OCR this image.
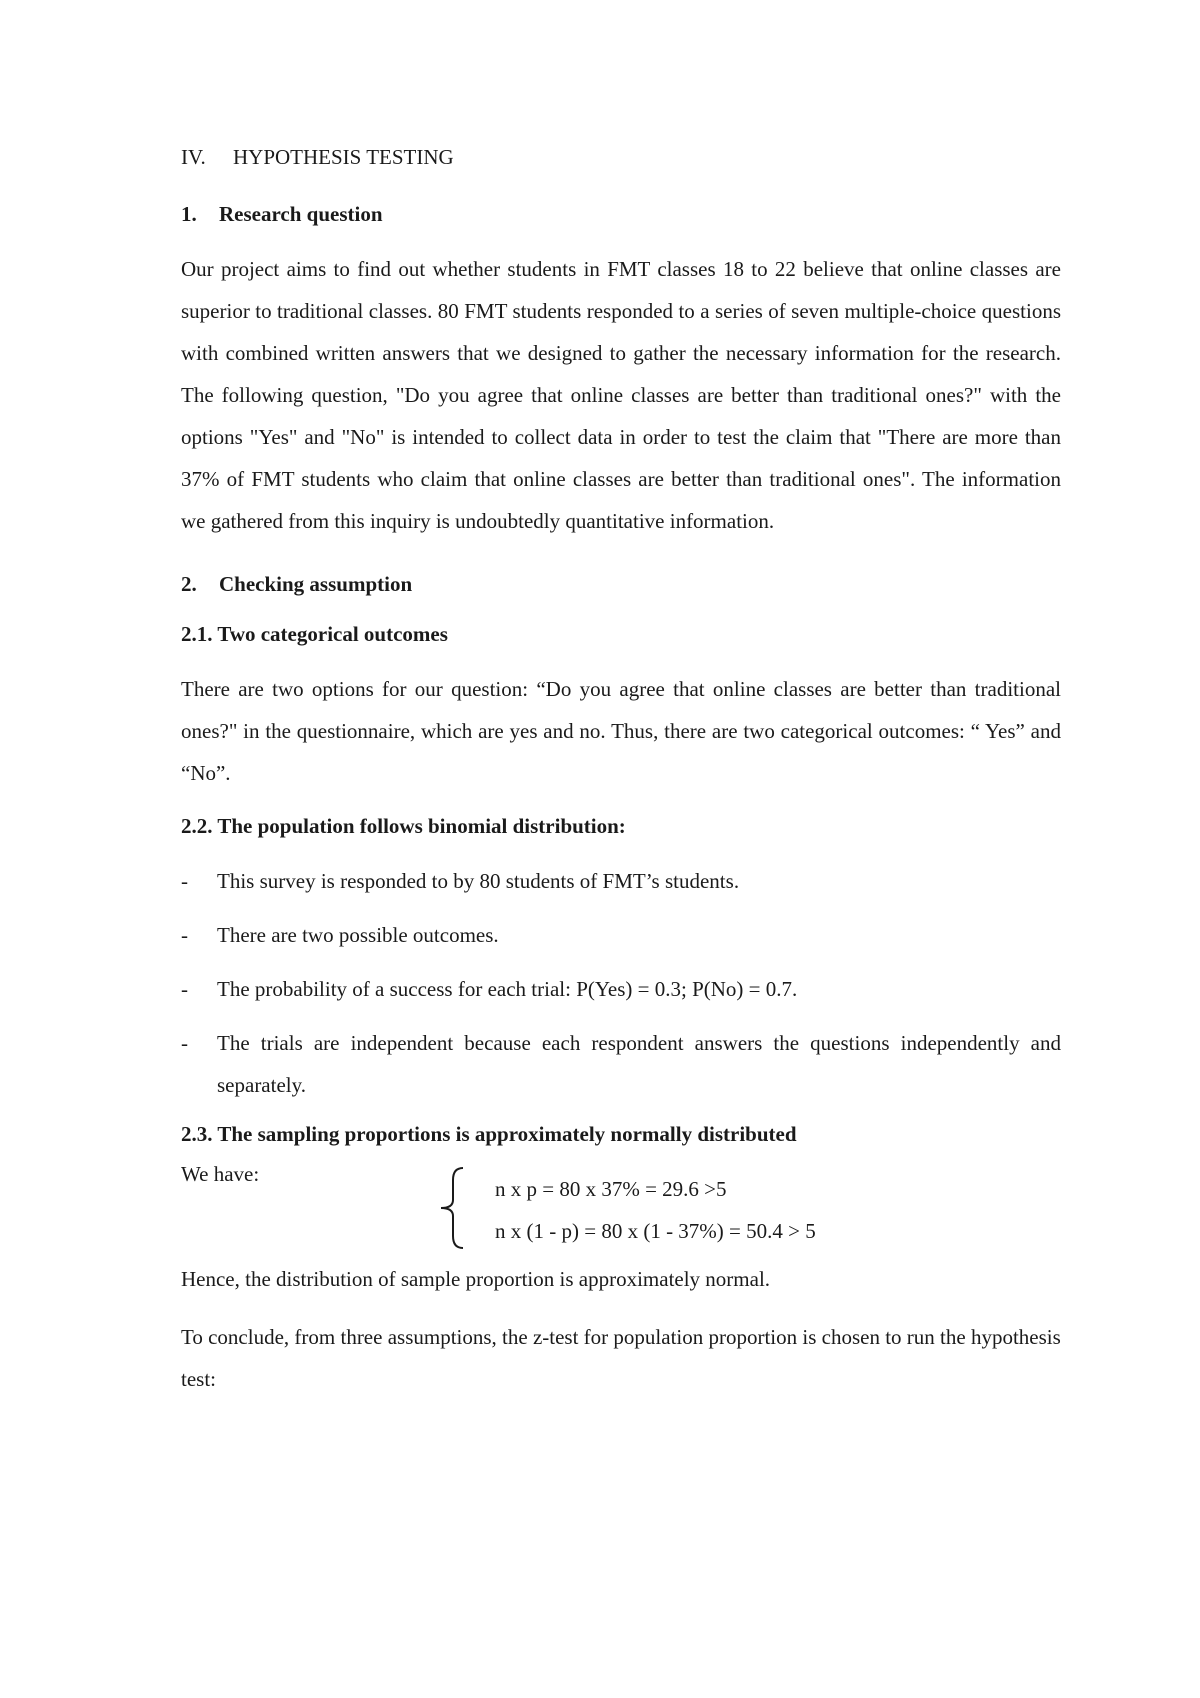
IV. HYPOTHESIS TESTING
1. Research question

Our project aims to find out whether students in FMT classes 18 to 22 believe that online classes are superior to traditional classes. 80 FMT students responded to a series of seven multiple-choice questions with combined written answers that we designed to gather the necessary information for the research. The following question, "Do you agree that online classes are better than traditional ones?" with the options "Yes" and "No" is intended to collect data in order to test the claim that "There are more than 37% of FMT students who claim that online classes are better than traditional ones". The information we gathered from this inquiry is undoubtedly quantitative information.

2. Checking assumption
2.1. Two categorical outcomes

There are two options for our question: “Do you agree that online classes are better than traditional ones?" in the questionnaire, which are yes and no. Thus, there are two categorical outcomes: “ Yes” and “No”.

2.2. The population follows binomial distribution:
- This survey is responded to by 80 students of FMT’s students.
- There are two possible outcomes.
- The probability of a success for each trial: P(Yes) = 0.3; P(No) = 0.7.
- The trials are independent because each respondent answers the questions independently and separately.
2.3. The sampling proportions is approximately normally distributed
We have:
n x p = 80 x 37% = 29.6 >5
n x (1 - p) = 80 x (1 - 37%) = 50.4 > 5

Hence, the distribution of sample proportion is approximately normal.

To conclude, from three assumptions, the z-test for population proportion is chosen to run the hypothesis test:
